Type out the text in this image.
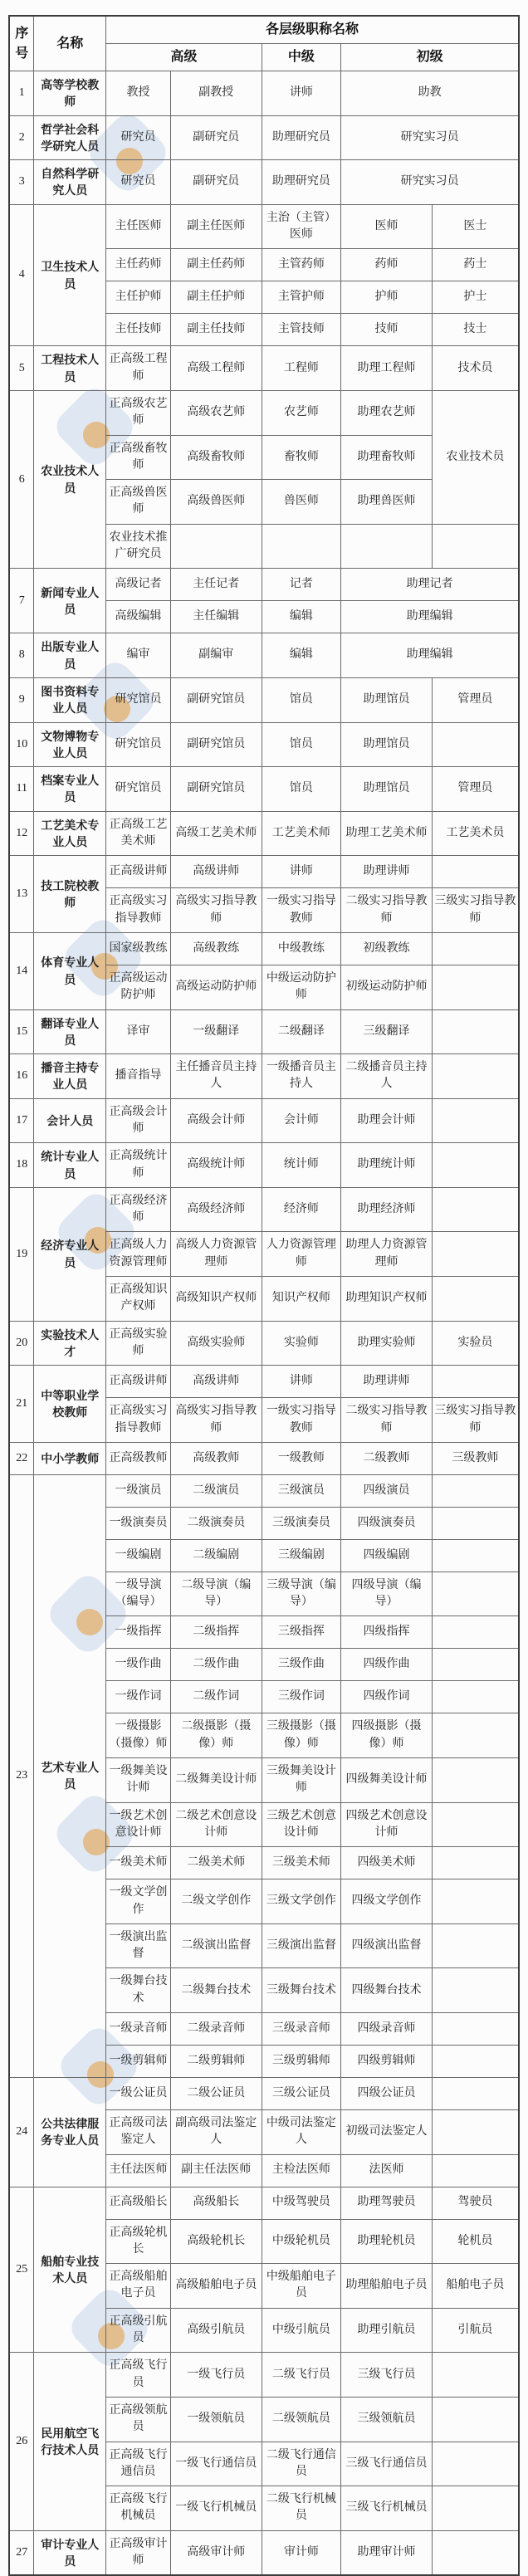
序号	名称	各层级职称名称				
		高级		中级	初级	
1	高等学校教师	教授	副教授	讲师	助教	
2	哲学社会科学研究人员	研究员	副研究员	助理研究员	研究实习员	
3	自然科学研究人员	研究员	副研究员	助理研究员	研究实习员	
4	卫生技术人员	主任医师	副主任医师	主治（主管）医师	医师	医士
		主任药师	副主任药师	主管药师	药师	药士
		主任护师	副主任护师	主管护师	护师	护士
		主任技师	副主任技师	主管技师	技师	技士
5	工程技术人员	正高级工程师	高级工程师	工程师	助理工程师	技术员
6	农业技术人员	正高级农艺师	高级农艺师	农艺师	助理农艺师	农业技术员
		正高级畜牧师	高级畜牧师	畜牧师	助理畜牧师	
		正高级兽医师	高级兽医师	兽医师	助理兽医师	
		农业技术推广研究员				
7	新闻专业人员	高级记者	主任记者	记者	助理记者	
		高级编辑	主任编辑	编辑	助理编辑	
8	出版专业人员	编审	副编审	编辑	助理编辑	
9	图书资料专业人员	研究馆员	副研究馆员	馆员	助理馆员	管理员
10	文物博物专业人员	研究馆员	副研究馆员	馆员	助理馆员	
11	档案专业人员	研究馆员	副研究馆员	馆员	助理馆员	管理员
12	工艺美术专业人员	正高级工艺美术师	高级工艺美术师	工艺美术师	助理工艺美术师	工艺美术员
13	技工院校教师	正高级讲师	高级讲师	讲师	助理讲师	
		正高级实习指导教师	高级实习指导教师	一级实习指导教师	二级实习指导教师	三级实习指导教师
14	体育专业人员	国家级教练	高级教练	中级教练	初级教练	
		正高级运动防护师	高级运动防护师	中级运动防护师	初级运动防护师	
15	翻译专业人员	译审	一级翻译	二级翻译	三级翻译	
16	播音主持专业人员	播音指导	主任播音员主持人	一级播音员主持人	二级播音员主持人	
17	会计人员	正高级会计师	高级会计师	会计师	助理会计师	
18	统计专业人员	正高级统计师	高级统计师	统计师	助理统计师	
19	经济专业人员	正高级经济师	高级经济师	经济师	助理经济师	
		正高级人力资源管理师	高级人力资源管理师	人力资源管理师	助理人力资源管理师	
		正高级知识产权师	高级知识产权师	知识产权师	助理知识产权师	
20	实验技术人才	正高级实验师	高级实验师	实验师	助理实验师	实验员
21	中等职业学校教师	正高级讲师	高级讲师	讲师	助理讲师	
		正高级实习指导教师	高级实习指导教师	一级实习指导教师	二级实习指导教师	三级实习指导教师
22	中小学教师	正高级教师	高级教师	一级教师	二级教师	三级教师
23	艺术专业人员	一级演员	二级演员	三级演员	四级演员	
		一级演奏员	二级演奏员	三级演奏员	四级演奏员	
		一级编剧	二级编剧	三级编剧	四级编剧	
		一级导演（编导）	二级导演（编导）	三级导演（编导）	四级导演（编导）	
		一级指挥	二级指挥	三级指挥	四级指挥	
		一级作曲	二级作曲	三级作曲	四级作曲	
		一级作词	二级作词	三级作词	四级作词	
		一级摄影（摄像）师	二级摄影（摄像）师	三级摄影（摄像）师	四级摄影（摄像）师	
		一级舞美设计师	二级舞美设计师	三级舞美设计师	四级舞美设计师	
		一级艺术创意设计师	二级艺术创意设计师	三级艺术创意设计师	四级艺术创意设计师	
		一级美术师	二级美术师	三级美术师	四级美术师	
		一级文学创作	二级文学创作	三级文学创作	四级文学创作	
		一级演出监督	二级演出监督	三级演出监督	四级演出监督	
		一级舞台技术	二级舞台技术	三级舞台技术	四级舞台技术	
		一级录音师	二级录音师	三级录音师	四级录音师	
		一级剪辑师	二级剪辑师	三级剪辑师	四级剪辑师	
24	公共法律服务专业人员	一级公证员	二级公证员	三级公证员	四级公证员	
		正高级司法鉴定人	副高级司法鉴定人	中级司法鉴定人	初级司法鉴定人	
		主任法医师	副主任法医师	主检法医师	法医师	
25	船舶专业技术人员	正高级船长	高级船长	中级驾驶员	助理驾驶员	驾驶员
		正高级轮机长	高级轮机长	中级轮机员	助理轮机员	轮机员
		正高级船舶电子员	高级船舶电子员	中级船舶电子员	助理船舶电子员	船舶电子员
		正高级引航员	高级引航员	中级引航员	助理引航员	引航员
26	民用航空飞行技术人员	正高级飞行员	一级飞行员	二级飞行员	三级飞行员	
		正高级领航员	一级领航员	二级领航员	三级领航员	
		正高级飞行通信员	一级飞行通信员	二级飞行通信员	三级飞行通信员	
		正高级飞行机械员	一级飞行机械员	二级飞行机械员	三级飞行机械员	
27	审计专业人员	正高级审计师	高级审计师	审计师	助理审计师	
